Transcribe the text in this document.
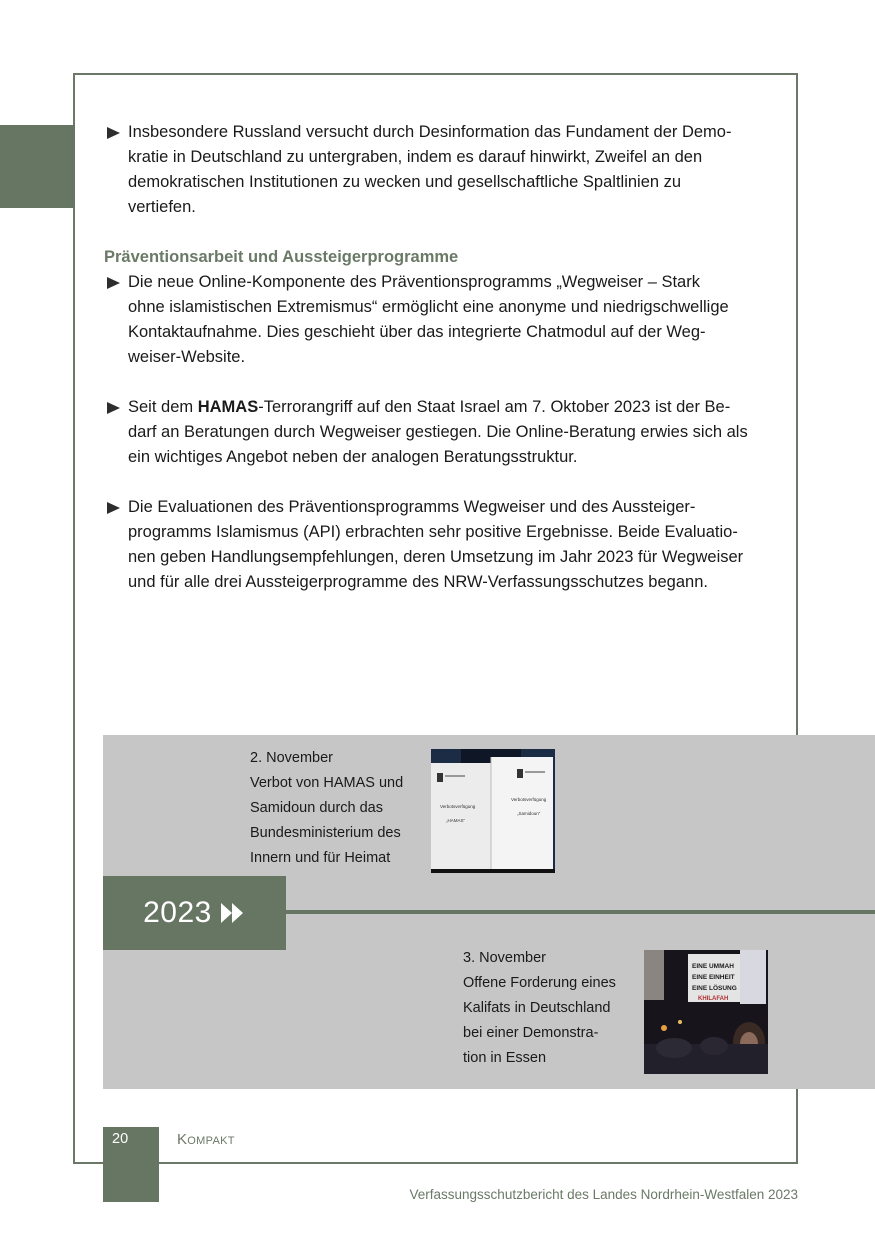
Insbesondere Russland versucht durch Desinformation das Fundament der Demo-
kratie in Deutschland zu untergraben, indem es darauf hinwirkt, Zweifel an den
demokratischen Institutionen zu wecken und gesellschaftliche Spaltlinien zu
vertiefen.
Präventionsarbeit und Aussteigerprogramme
Die neue Online-Komponente des Präventionsprogramms „Wegweiser – Stark
ohne islamistischen Extremismus“ ermöglicht eine anonyme und niedrigschwellige
Kontaktaufnahme. Dies geschieht über das integrierte Chatmodul auf der Weg-
weiser-Website.
Seit dem HAMAS-Terrorangriff auf den Staat Israel am 7. Oktober 2023 ist der Be-
darf an Beratungen durch Wegweiser gestiegen. Die Online-Beratung erwies sich als
ein wichtiges Angebot neben der analogen Beratungsstruktur.
Die Evaluationen des Präventionsprogramms Wegweiser und des Aussteiger-
programms Islamismus (API) erbrachten sehr positive Ergebnisse. Beide Evaluatio-
nen geben Handlungsempfehlungen, deren Umsetzung im Jahr 2023 für Wegweiser
und für alle drei Aussteigerprogramme des NRW-Verfassungsschutzes begann.
2023
2. November
Verbot von HAMAS und
Samidoun durch das
Bundesministerium des
Innern und für Heimat
Verbotsverfügung
„HAMAS“
Verbotsverfügung
„Samidoun“
3. November
Offene Forderung eines
Kalifats in Deutschland
bei einer Demonstra-
tion in Essen
EINE UMMAH
EINE EINHEIT
EINE LÖSUNG
KHILAFAH
20	Kompakt
Verfassungsschutzbericht des Landes Nordrhein-Westfalen 2023
